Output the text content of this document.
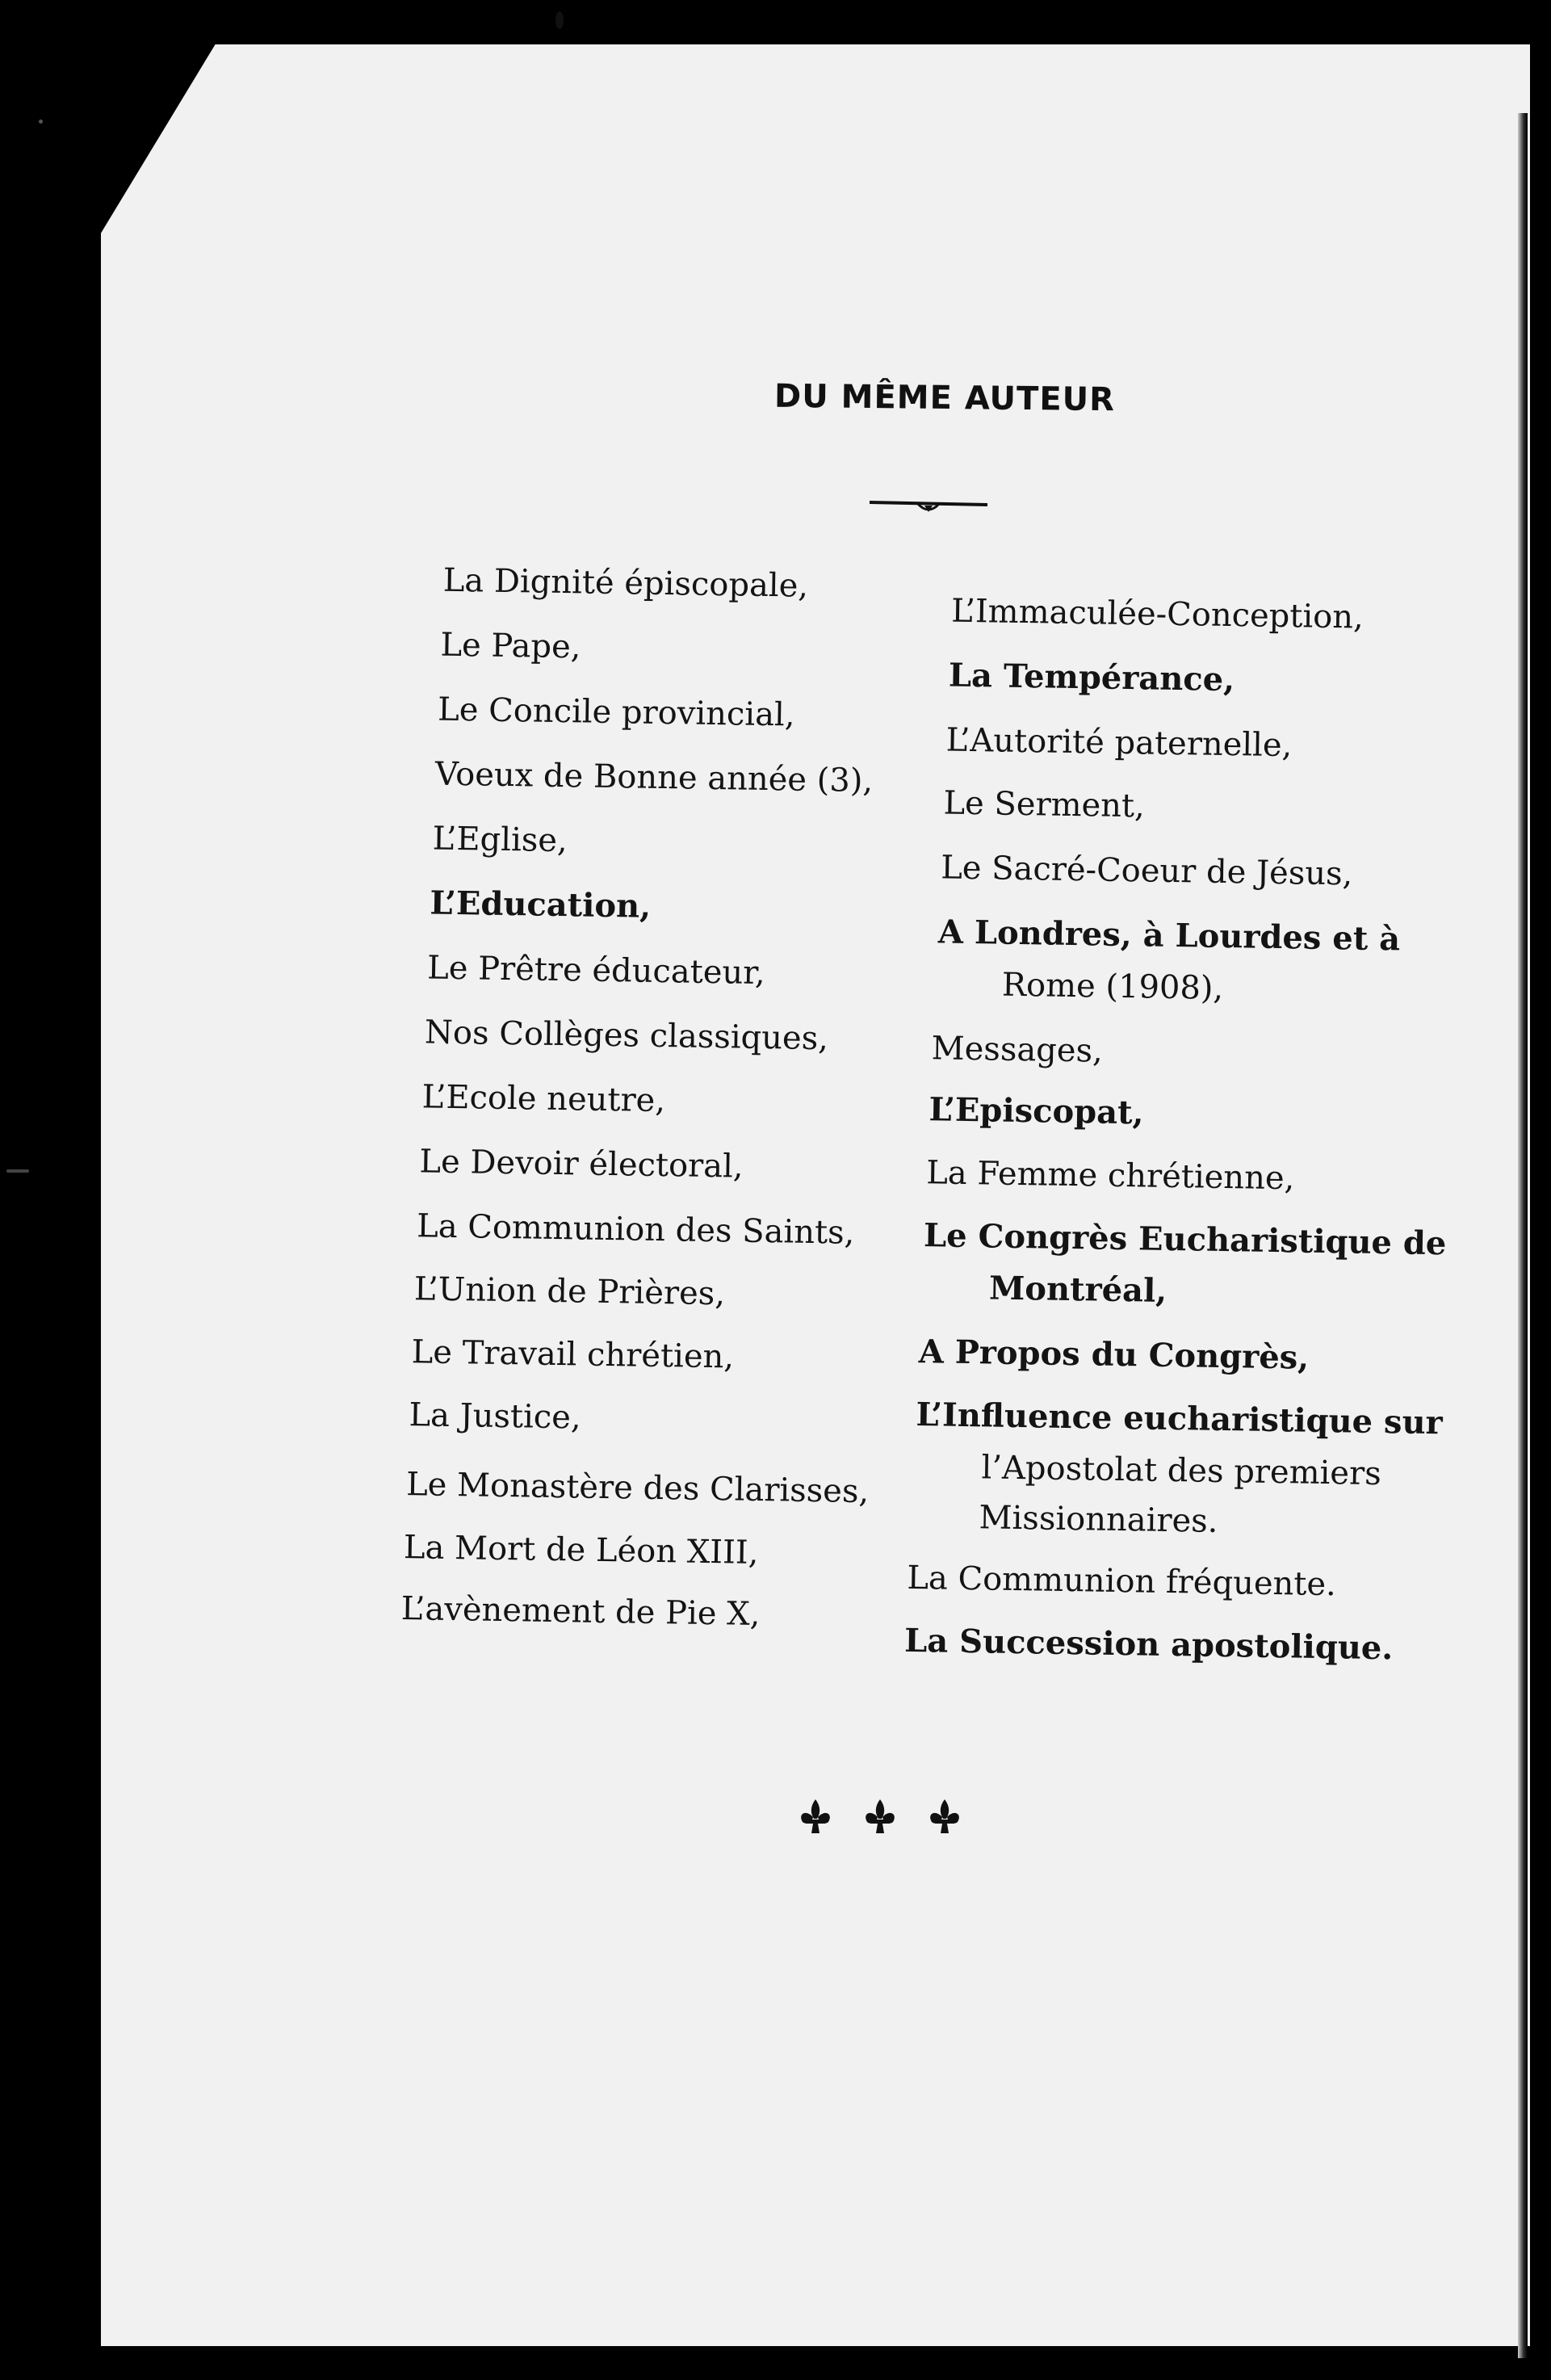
DU MÊME AUTEUR
La Dignité épiscopale,
Le Pape,
Le Concile provincial,
Voeux de Bonne année (3),
L’Eglise,
L’Education,
Le Prêtre éducateur,
Nos Collèges classiques,
L’Ecole neutre,
Le Devoir électoral,
La Communion des Saints,
L’Union de Prières,
Le Travail chrétien,
La Justice,
Le Monastère des Clarisses,
La Mort de Léon XIII,
L’avènement de Pie X,
L’Immaculée-Conception,
La Tempérance,
L’Autorité paternelle,
Le Serment,
Le Sacré-Coeur de Jésus,
A Londres, à Lourdes et à
Rome (1908),
Messages,
L’Episcopat,
La Femme chrétienne,
Le Congrès Eucharistique de
Montréal,
A Propos du Congrès,
L’Influence eucharistique sur
l’Apostolat des premiers
Missionnaires.
La Communion fréquente.
La Succession apostolique.
